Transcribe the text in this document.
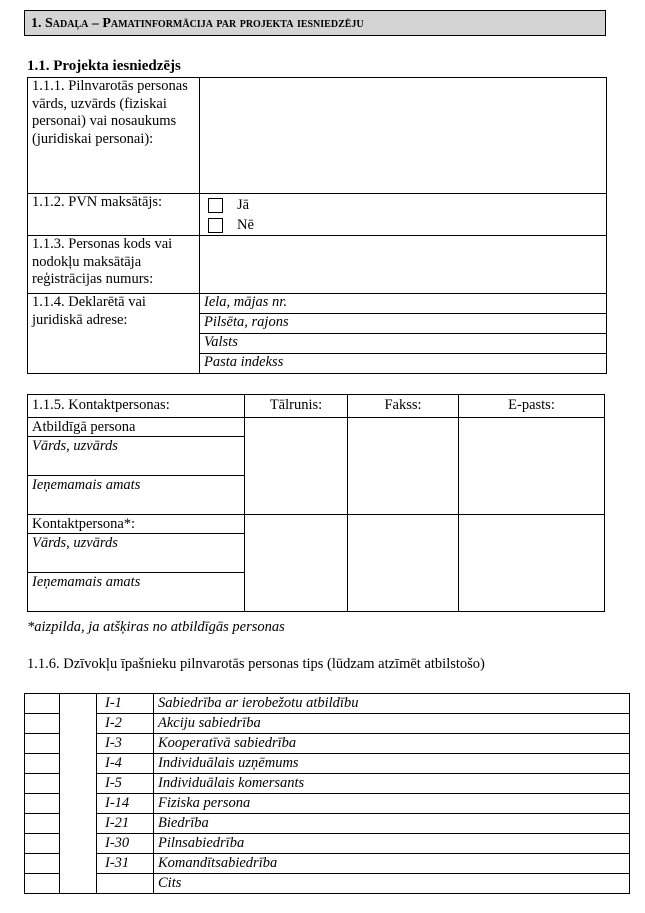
1. Sadaļa – Pamatinformācija par projekta iesniedzēju
1.1. Projekta iesniedzējs
1.1.1. Pilnvarotās personas vārds, uzvārds (fiziskai personai) vai nosaukums (juridiskai personai):	
1.1.2. PVN maksātājs:	Jā
Nē

1.1.3. Personas kods vai nodokļu maksātāja reģistrācijas numurs:	
1.1.4. Deklarētā vai juridiskā adrese:	Iela, mājas nr.
	Pilsēta, rajons
	Valsts
	Pasta indekss
1.1.5. Kontaktpersonas:	Tālrunis:	Fakss:	E-pasts:
Atbildīgā persona			
Vārds, uzvārds			
Ieņemamais amats			
Kontaktpersona*:			
Vārds, uzvārds			
Ieņemamais amats			
*aizpilda, ja atšķiras no atbildīgās personas
1.1.6. Dzīvokļu īpašnieku pilnvarotās personas tips (lūdzam atzīmēt atbilstošo)
		I-1	Sabiedrība ar ierobežotu atbildību
		I-2	Akciju sabiedrība
		I-3	Kooperatīvā sabiedrība
		I-4	Individuālais uzņēmums
		I-5	Individuālais komersants
		I-14	Fiziska persona
		I-21	Biedrība
		I-30	Pilnsabiedrība
		I-31	Komandītsabiedrība
			Cits
